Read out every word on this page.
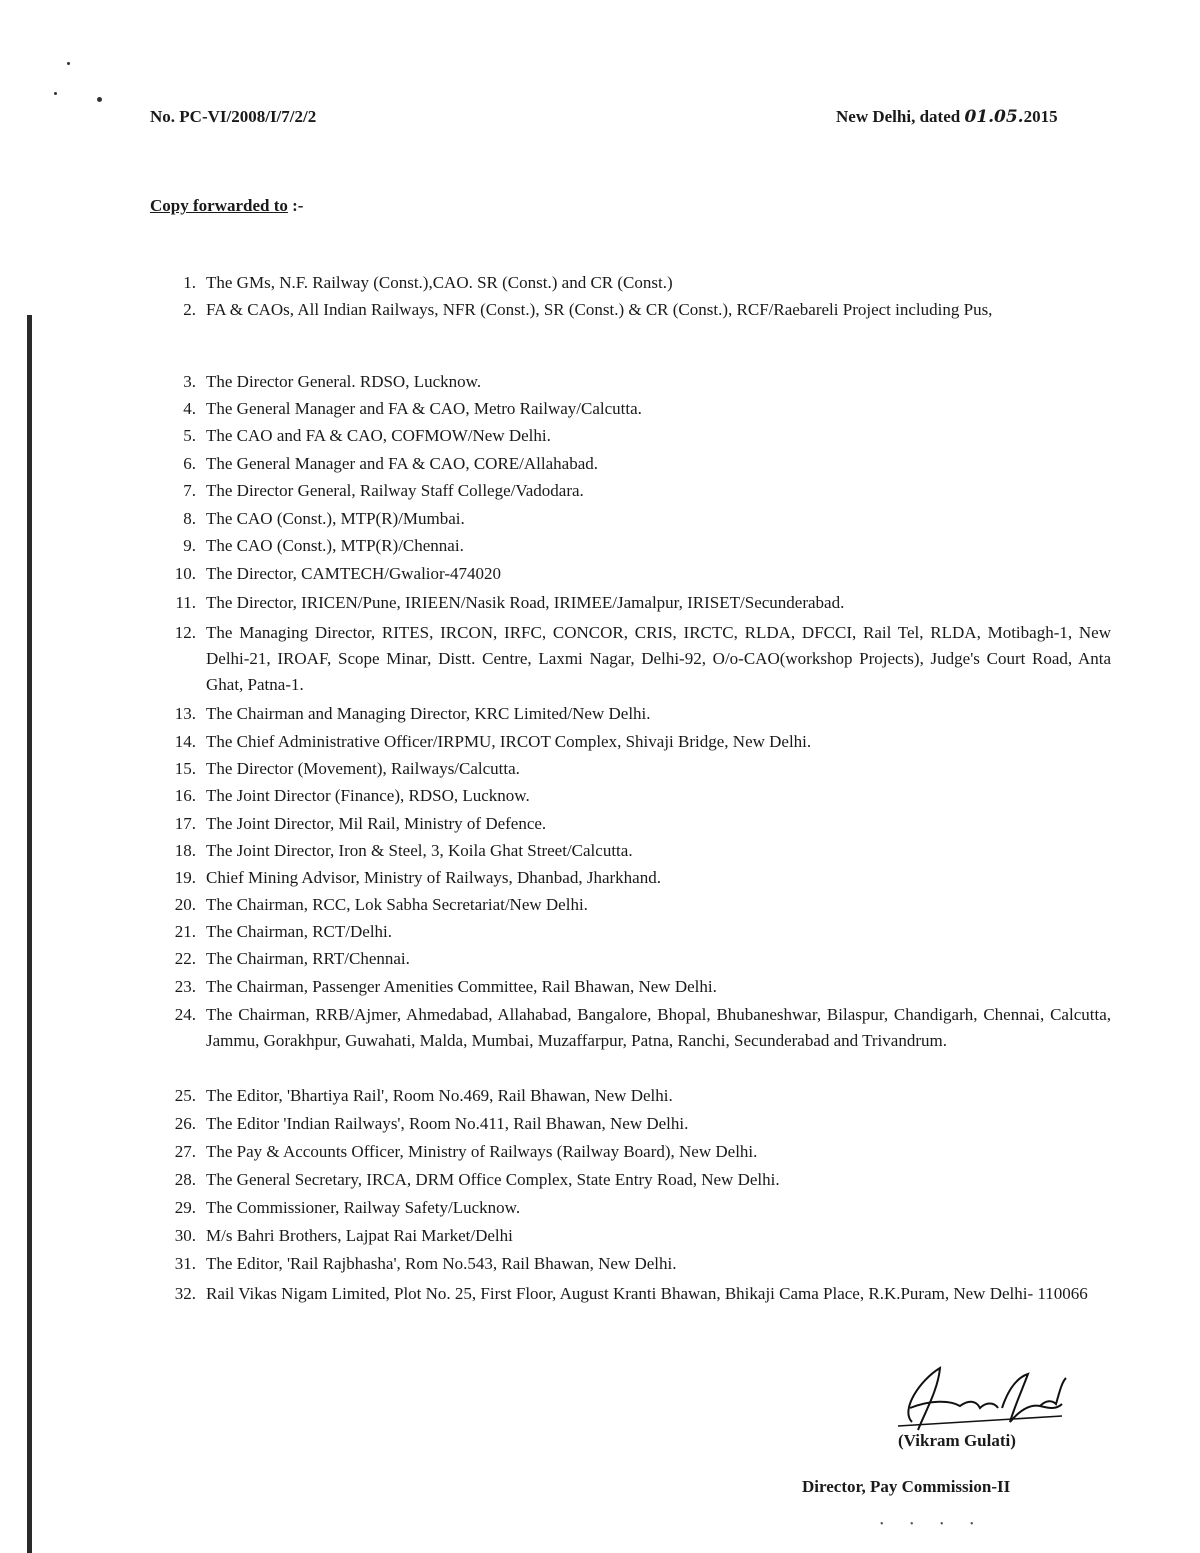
No. PC-VI/2008/I/7/2/2	New Delhi, dated 01.05.2015
Copy forwarded to :-
1. The GMs, N.F. Railway (Const.),CAO. SR (Const.) and CR (Const.)
2. FA & CAOs, All Indian Railways, NFR (Const.), SR (Const.) & CR (Const.), RCF/Raebareli Project including Pus,
3. The Director General. RDSO, Lucknow.
4. The General Manager and FA & CAO, Metro Railway/Calcutta.
5. The CAO and FA & CAO, COFMOW/New Delhi.
6. The General Manager and FA & CAO, CORE/Allahabad.
7. The Director General, Railway Staff College/Vadodara.
8. The CAO (Const.), MTP(R)/Mumbai.
9. The CAO (Const.), MTP(R)/Chennai.
10. The Director, CAMTECH/Gwalior-474020
11. The Director, IRICEN/Pune, IRIEEN/Nasik Road, IRIMEE/Jamalpur, IRISET/Secunderabad.
12. The Managing Director, RITES, IRCON, IRFC, CONCOR, CRIS, IRCTC, RLDA, DFCCI, Rail Tel, RLDA, Motibagh-1, New Delhi-21, IROAF, Scope Minar, Distt. Centre, Laxmi Nagar, Delhi-92, O/o-CAO(workshop Projects), Judge's Court Road, Anta Ghat, Patna-1.
13. The Chairman and Managing Director, KRC Limited/New Delhi.
14. The Chief Administrative Officer/IRPMU, IRCOT Complex, Shivaji Bridge, New Delhi.
15. The Director (Movement), Railways/Calcutta.
16. The Joint Director (Finance), RDSO, Lucknow.
17. The Joint Director, Mil Rail, Ministry of Defence.
18. The Joint Director, Iron & Steel, 3, Koila Ghat Street/Calcutta.
19. Chief Mining Advisor, Ministry of Railways, Dhanbad, Jharkhand.
20. The Chairman, RCC, Lok Sabha Secretariat/New Delhi.
21. The Chairman, RCT/Delhi.
22. The Chairman, RRT/Chennai.
23. The Chairman, Passenger Amenities Committee, Rail Bhawan, New Delhi.
24. The Chairman, RRB/Ajmer, Ahmedabad, Allahabad, Bangalore, Bhopal, Bhubaneshwar, Bilaspur, Chandigarh, Chennai, Calcutta, Jammu, Gorakhpur, Guwahati, Malda, Mumbai, Muzaffarpur, Patna, Ranchi, Secunderabad and Trivandrum.
25. The Editor, 'Bhartiya Rail', Room No.469, Rail Bhawan, New Delhi.
26. The Editor 'Indian Railways', Room No.411, Rail Bhawan, New Delhi.
27. The Pay & Accounts Officer, Ministry of Railways (Railway Board), New Delhi.
28. The General Secretary, IRCA, DRM Office Complex, State Entry Road, New Delhi.
29. The Commissioner, Railway Safety/Lucknow.
30. M/s Bahri Brothers, Lajpat Rai Market/Delhi
31. The Editor, 'Rail Rajbhasha', Rom No.543, Rail Bhawan, New Delhi.
32. Rail Vikas Nigam Limited, Plot No. 25, First Floor, August Kranti Bhawan, Bhikaji Cama Place, R.K.Puram, New Delhi- 110066
(Vikram Gulati)
Director, Pay Commission-II
• • • •
